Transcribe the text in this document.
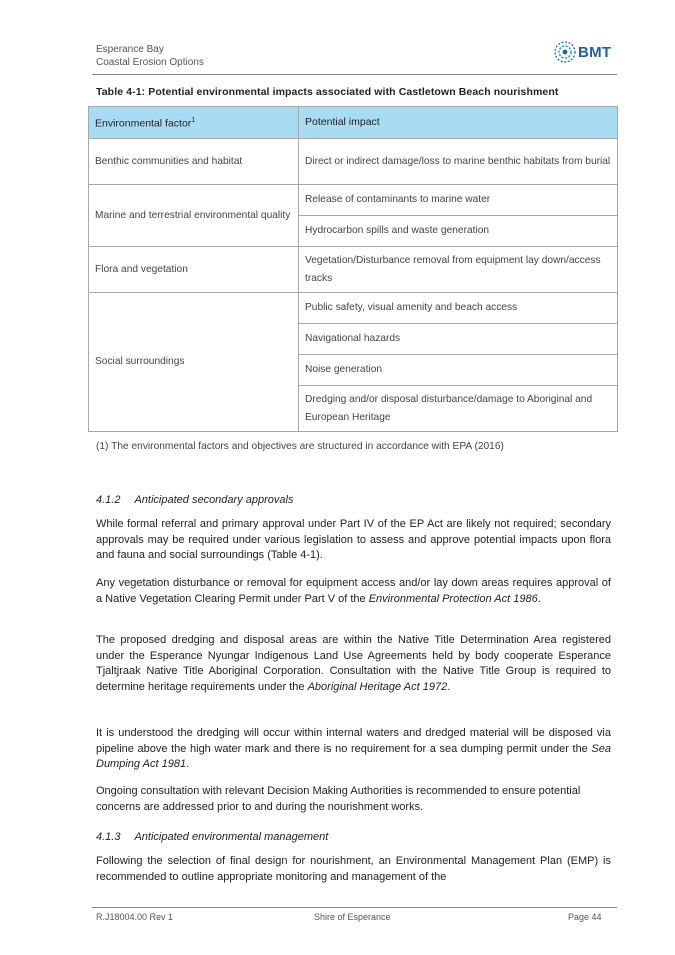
Esperance Bay
Coastal Erosion Options
BMT
Table 4-1: Potential environmental impacts associated with Castletown Beach nourishment
Environmental factor$^1$	Potential impact
Benthic communities and habitat	Direct or indirect damage/loss to marine benthic habitats from burial
Marine and terrestrial environmental quality	Release of contaminants to marine water
	Hydrocarbon spills and waste generation
Flora and vegetation	Vegetation/Disturbance removal from equipment lay down/access tracks
Social surroundings	Public safety, visual amenity and beach access
	Navigational hazards
	Noise generation
	Dredging and/or disposal disturbance/damage to Aboriginal and European Heritage
(1) The environmental factors and objectives are structured in accordance with EPA (2016)
4.1.2 Anticipated secondary approvals

While formal referral and primary approval under Part IV of the EP Act are likely not required; secondary approvals may be required under various legislation to assess and approve potential impacts upon flora and fauna and social surroundings (Table 4-1).

Any vegetation disturbance or removal for equipment access and/or lay down areas requires approval of a Native Vegetation Clearing Permit under Part V of the Environmental Protection Act 1986.

The proposed dredging and disposal areas are within the Native Title Determination Area registered under the Esperance Nyungar Indigenous Land Use Agreements held by body cooperate Esperance Tjaltjraak Native Title Aboriginal Corporation. Consultation with the Native Title Group is required to determine heritage requirements under the Aboriginal Heritage Act 1972.

It is understood the dredging will occur within internal waters and dredged material will be disposed via pipeline above the high water mark and there is no requirement for a sea dumping permit under the Sea Dumping Act 1981.

Ongoing consultation with relevant Decision Making Authorities is recommended to ensure potential concerns are addressed prior to and during the nourishment works.

4.1.3 Anticipated environmental management

Following the selection of final design for nourishment, an Environmental Management Plan (EMP) is recommended to outline appropriate monitoring and management of the

R.J18004.00 Rev 1	Shire of Esperance	Page 44
